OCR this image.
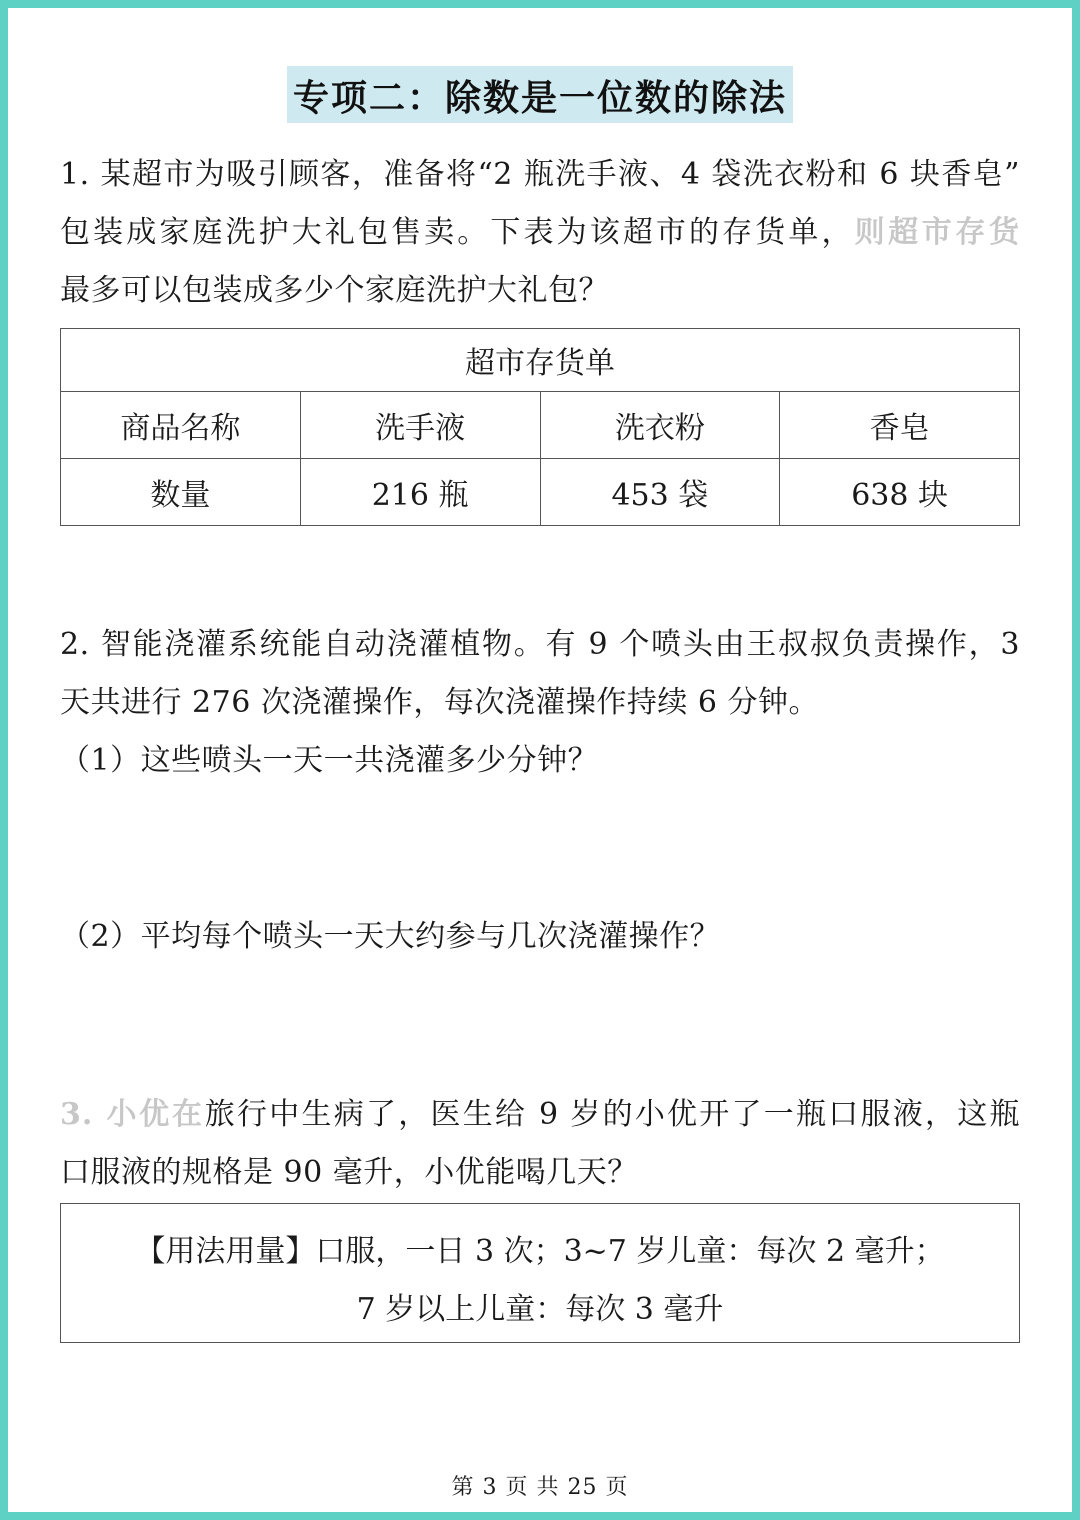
专项二：除数是一位数的除法
1. 某超市为吸引顾客，准备将“2 瓶洗手液、4 袋洗衣粉和 6 块香皂”
包装成家庭洗护大礼包售卖。下表为该超市的存货单，则超市存货
最多可以包装成多少个家庭洗护大礼包？
超市存货单			
商品名称	洗手液	洗衣粉	香皂
数量	216 瓶	453 袋	638 块
2. 智能浇灌系统能自动浇灌植物。有 9 个喷头由王叔叔负责操作，3
天共进行 276 次浇灌操作，每次浇灌操作持续 6 分钟。
（1）这些喷头一天一共浇灌多少分钟？
（2）平均每个喷头一天大约参与几次浇灌操作？
3. 小优在旅行中生病了，医生给 9 岁的小优开了一瓶口服液，这瓶
口服液的规格是 90 毫升，小优能喝几天？
【用法用量】口服，一日 3 次；3~7 岁儿童：每次 2 毫升；
7 岁以上儿童：每次 3 毫升
第 3 页 共 25 页
